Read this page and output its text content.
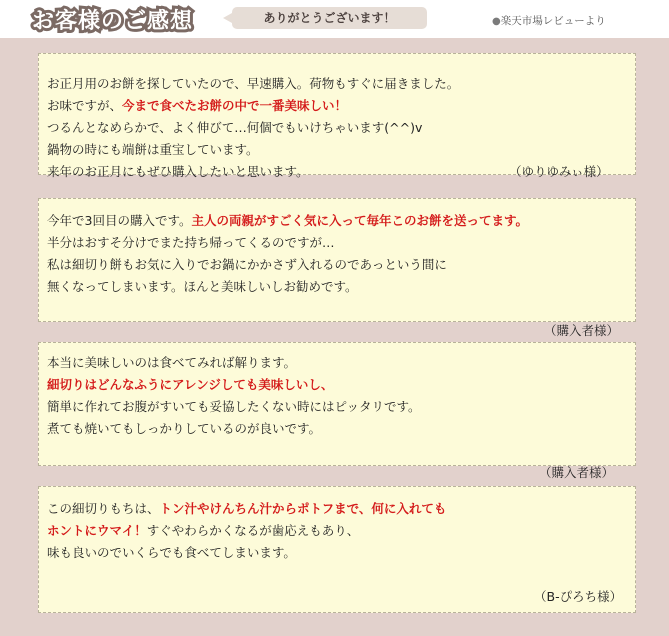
お客様のご感想	ありがとうございます！	●楽天市場レビューより
お正月用のお餅を探していたので、早速購入。荷物もすぐに届きました。
お味ですが、今まで食べたお餅の中で一番美味しい！
つるんとなめらかで、よく伸びて…何個でもいけちゃいます(^^)v
鍋物の時にも端餅は重宝しています。
来年のお正月にもぜひ購入したいと思います。	（ゆりゆみぃ様）
今年で3回目の購入です。主人の両親がすごく気に入って毎年このお餅を送ってます。
半分はおすそ分けでまた持ち帰ってくるのですが…
私は細切り餅もお気に入りでお鍋にかかさず入れるのであっという間に
無くなってしまいます。ほんと美味しいしお勧めです。
（購入者様）
本当に美味しいのは食べてみれば解ります。
細切りはどんなふうにアレンジしても美味しいし、
簡単に作れてお腹がすいても妥協したくない時にはピッタリです。
煮ても焼いてもしっかりしているのが良いです。
（購入者様）
この細切りもちは、トン汁やけんちん汁からポトフまで、何に入れても
ホントにウマイ！すぐやわらかくなるが歯応えもあり、
味も良いのでいくらでも食べてしまいます。
（B-ぴろち様）
